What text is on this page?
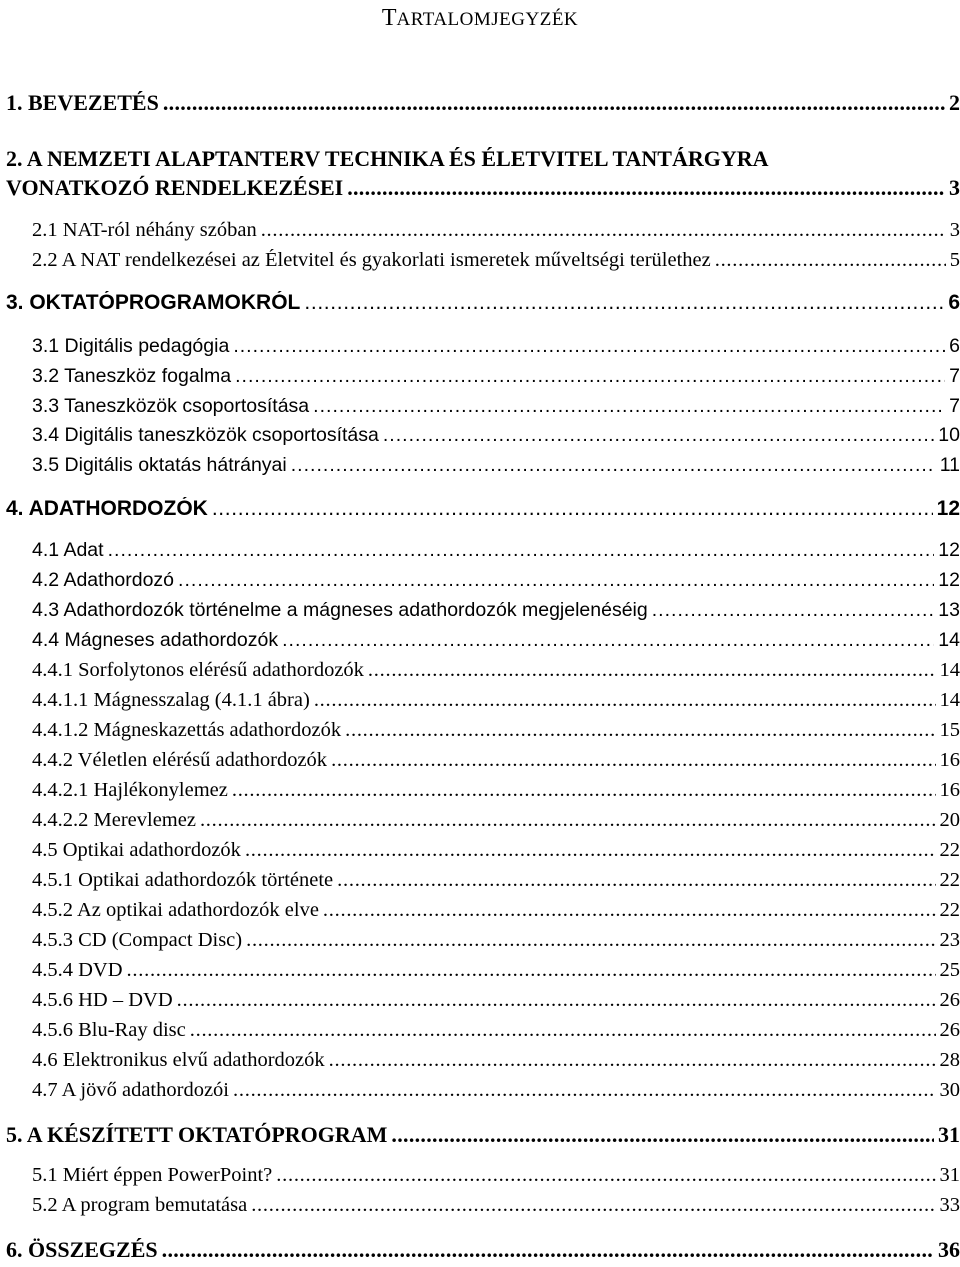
TARTALOMJEGYZÉK
1. BEVEZETÉS . . .	2
2. A NEMZETI ALAPTANTERV TECHNIKA ÉS ÉLETVITEL TANTÁRGYRA
VONATKOZÓ RENDELKEZÉSEI . . .	3
2.1 NAT-ról néhány szóban . . .	3
2.2 A NAT rendelkezései az Életvitel és gyakorlati ismeretek műveltségi területhez . . .	5
3. OKTATÓPROGRAMOKRÓL . . .	6
3.1 Digitális pedagógia . . .	6
3.2 Taneszköz fogalma . . .	7
3.3 Taneszközök csoportosítása . . .	7
3.4 Digitális taneszközök csoportosítása . . .	10
3.5 Digitális oktatás hátrányai . . .	11
4. ADATHORDOZÓK . . .	12
4.1 Adat . . .	12
4.2 Adathordozó . . .	12
4.3 Adathordozók történelme a mágneses adathordozók megjelenéséig . . .	13
4.4 Mágneses adathordozók . . .	14
4.4.1 Sorfolytonos elérésű adathordozók . . .	14
4.4.1.1 Mágnesszalag (4.1.1 ábra) . . .	14
4.4.1.2 Mágneskazettás adathordozók . . .	15
4.4.2 Véletlen elérésű adathordozók . . .	16
4.4.2.1 Hajlékonylemez . . .	16
4.4.2.2 Merevlemez . . .	20
4.5 Optikai adathordozók . . .	22
4.5.1 Optikai adathordozók története . . .	22
4.5.2 Az optikai adathordozók elve . . .	22
4.5.3 CD (Compact Disc) . . .	23
4.5.4 DVD . . .	25
4.5.6 HD – DVD . . .	26
4.5.6 Blu-Ray disc . . .	26
4.6 Elektronikus elvű adathordozók . . .	28
4.7 A jövő adathordozói . . .	30
5. A KÉSZÍTETT OKTATÓPROGRAM . . .	31
5.1 Miért éppen PowerPoint? . . .	31
5.2 A program bemutatása . . .	33
6. ÖSSZEGZÉS . . .	36
